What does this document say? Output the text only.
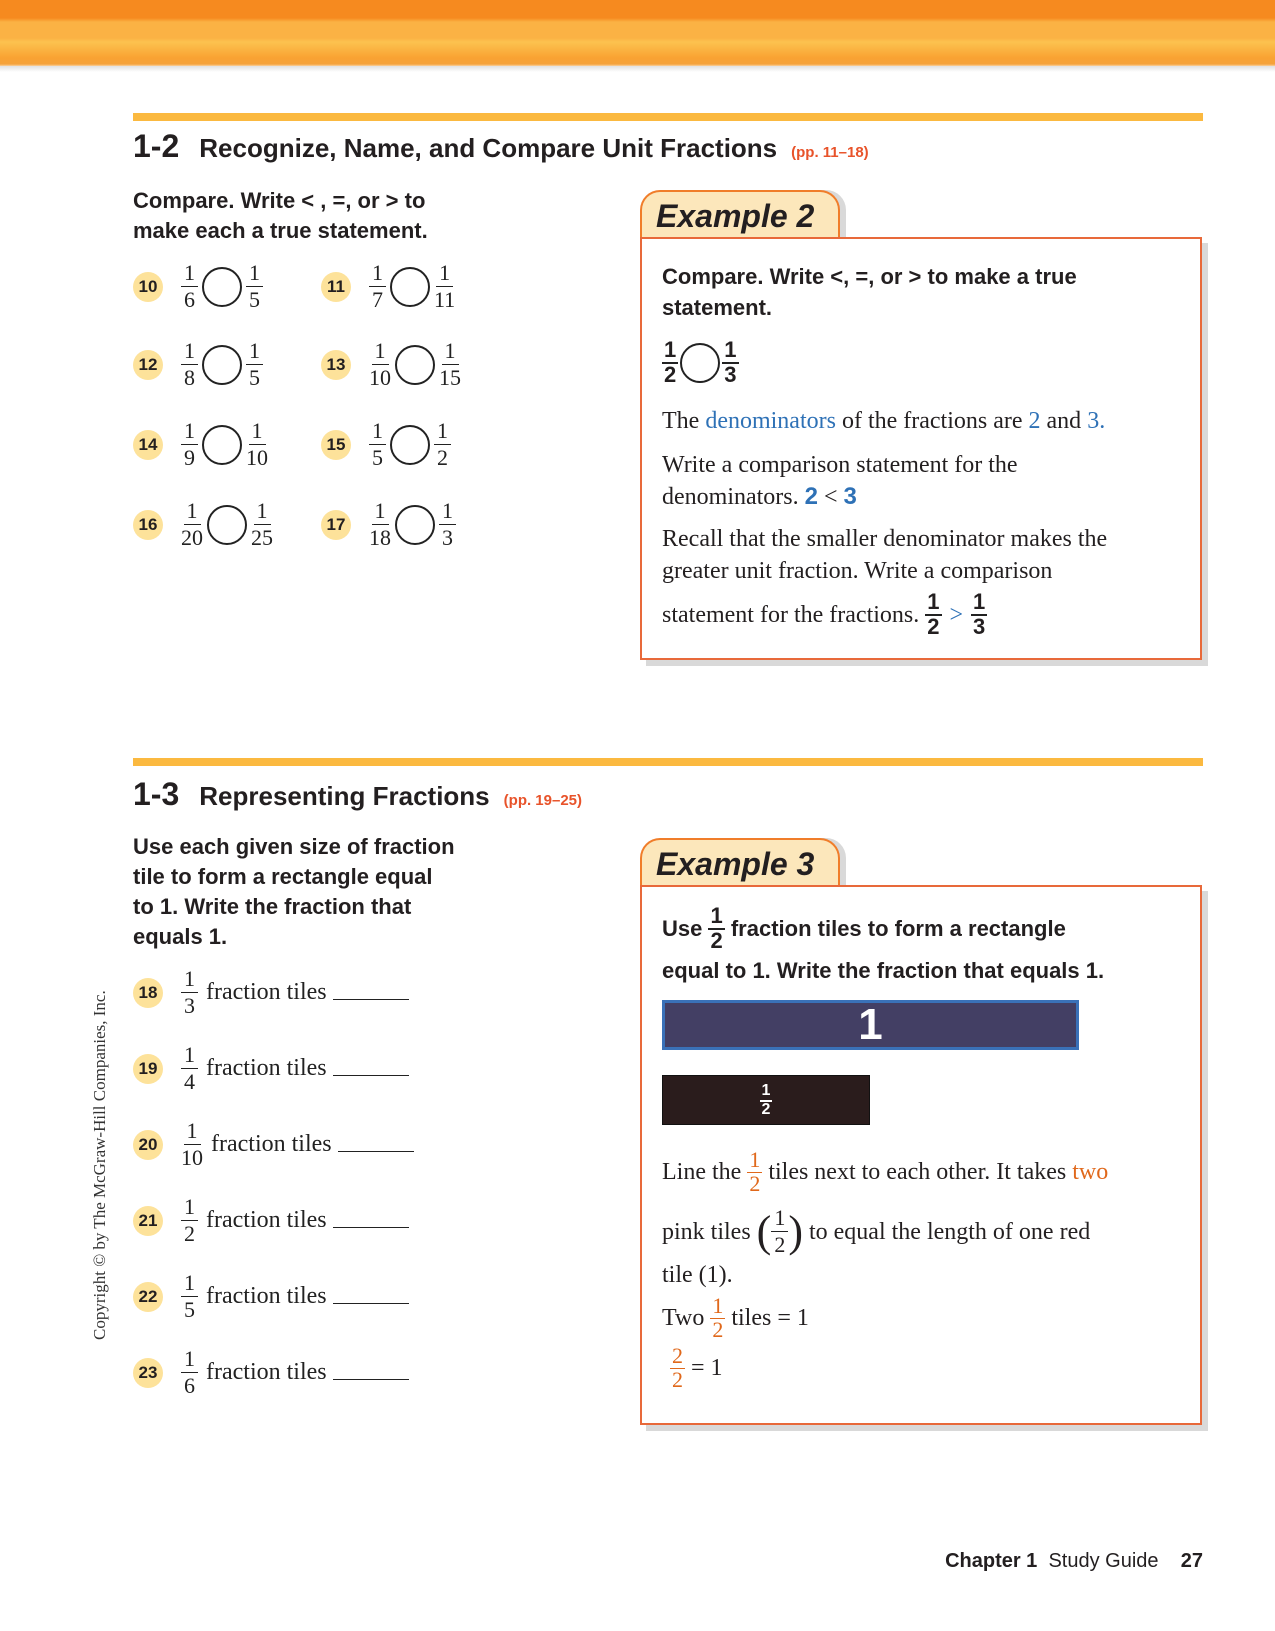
1-2 Recognize, Name, and Compare Unit Fractions (pp. 11–18)
Compare. Write < , =, or > to
make each a true statement.
$10 \frac{1}{6} \frac{1}{5}$	$11 \frac{1}{7} \frac{1}{11}$
$12 \frac{1}{8} \frac{1}{5}$	$13 \frac{1}{10} \frac{1}{15}$
$14 \frac{1}{9} \frac{1}{10}$	$15 \frac{1}{5} \frac{1}{2}$
$16 \frac{1}{20} \frac{1}{25}$	$17 \frac{1}{18} \frac{1}{3}$
Example 2
Compare. Write <, =, or > to make a true
statement.
1
2
1
3
The denominators of the fractions are 2 and 3.
Write a comparison statement for the
denominators. 2 < 3
Recall that the smaller denominator makes the
greater unit fraction. Write a comparison
statement for the fractions.
1
2 > 1
3
1-3 Representing Fractions (pp. 19–25)
Use each given size of fraction
tile to form a rectangle equal
to 1. Write the fraction that
equals 1.
$18 \frac{1}{3}$ fraction tiles
$19 \frac{1}{4}$ fraction tiles
$20 \frac{1}{10}$ fraction tiles
$21 \frac{1}{2}$ fraction tiles
$22 \frac{1}{5}$ fraction tiles
$23 \frac{1}{6}$ fraction tiles
Example 3
Use
1
2
fraction tiles to form a rectangle
equal to 1. Write the fraction that equals 1.
1
1
2
Line the
1
2
tiles next to each other. It takes
two
pink tiles
( $\frac{1}{2}$ )
to equal the length of one red
tile (1).
Two
1
2
tiles = 1
$\frac{2}{2}$
= 1
Copyright © by The McGraw-Hill Companies, Inc.
Chapter 1 Study Guide 27
